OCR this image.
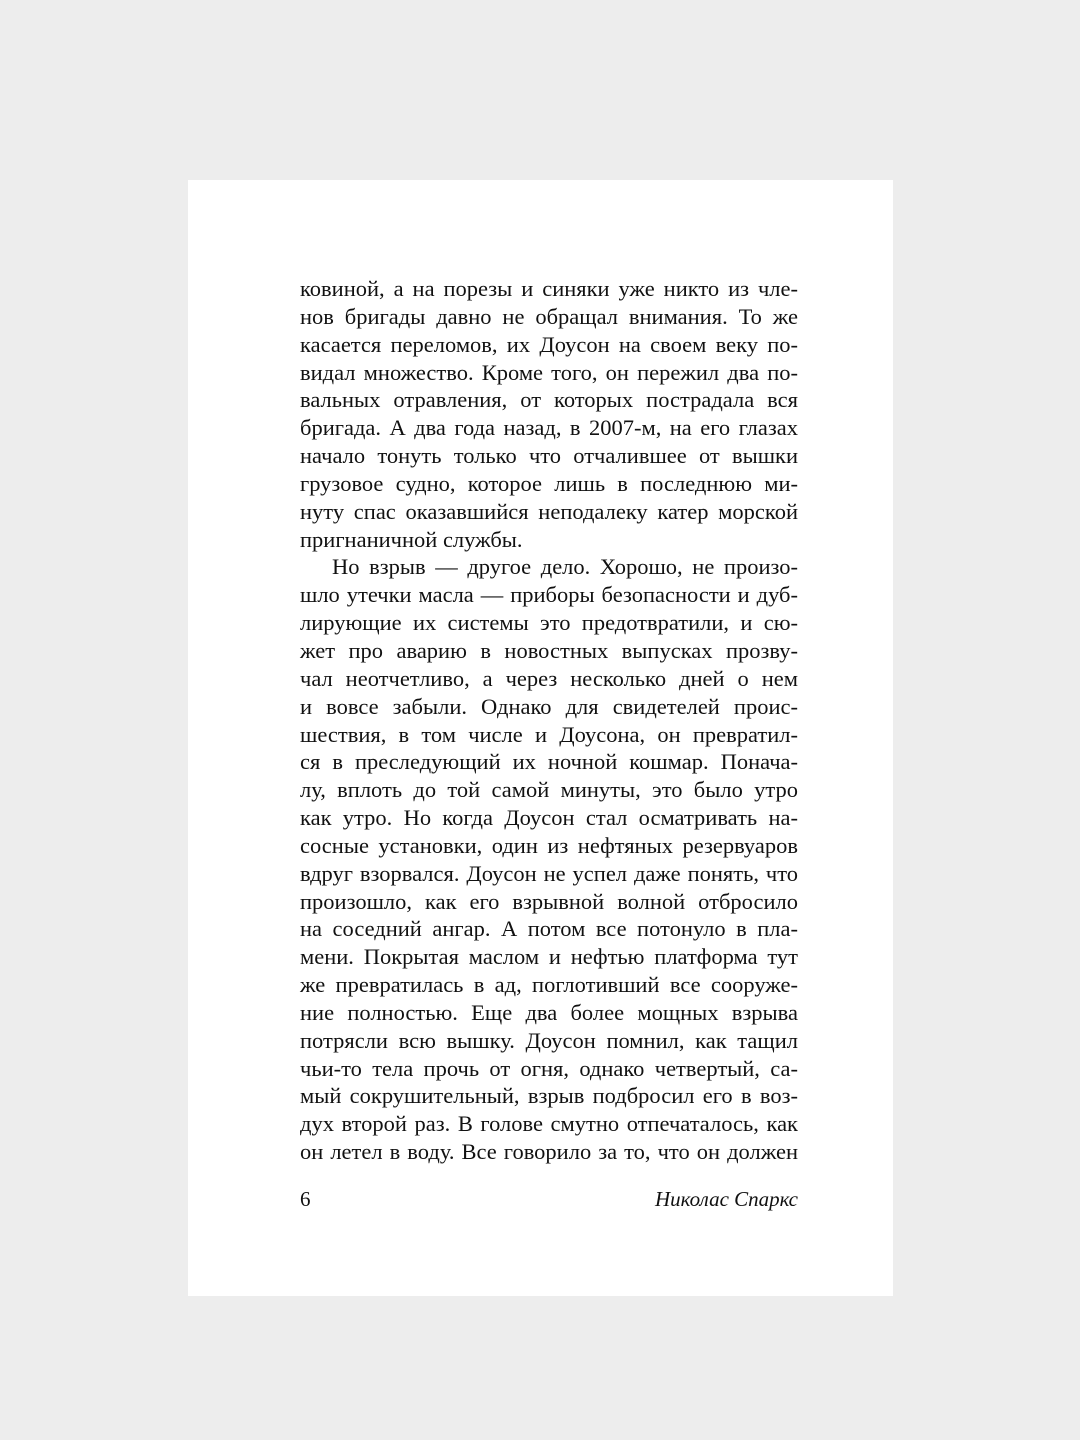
ковиной, а на порезы и синяки уже никто из чле-
нов бригады давно не обращал внимания. То же
касается переломов, их Доусон на своем веку по-
видал множество. Кроме того, он пережил два по-
вальных отравления, от которых пострадала вся
бригада. А два года назад, в 2007-м, на его глазах
начало тонуть только что отчалившее от вышки
грузовое судно, которое лишь в последнюю ми-
нуту спас оказавшийся неподалеку катер морской
пригнаничной службы.
Но взрыв — другое дело. Хорошо, не произо-
шло утечки масла — приборы безопасности и дуб-
лирующие их системы это предотвратили, и сю-
жет про аварию в новостных выпусках прозву-
чал неотчетливо, а через несколько дней о нем
и вовсе забыли. Однако для свидетелей проис-
шествия, в том числе и Доусона, он превратил-
ся в преследующий их ночной кошмар. Поначa-
лу, вплоть до той самой минуты, это было утро
как утро. Но когда Доусон стал осматривать на-
сосные установки, один из нефтяных резервуаров
вдруг взорвался. Доусон не успел даже понять, что
произошло, как его взрывной волной отбросило
на соседний ангар. А потом все потонуло в пла-
мени. Покрытая маслом и нефтью платформа тут
же превратилась в ад, поглотивший все сооруже-
ние полностью. Еще два более мощных взрыва
потрясли всю вышку. Доусон помнил, как тащил
чьи-то тела прочь от огня, однако четвертый, са-
мый сокрушительный, взрыв подбросил его в воз-
дух второй раз. В голове смутно отпечаталось, как
он летел в воду. Все говорило за то, что он должен
6	Николас Спаркс
